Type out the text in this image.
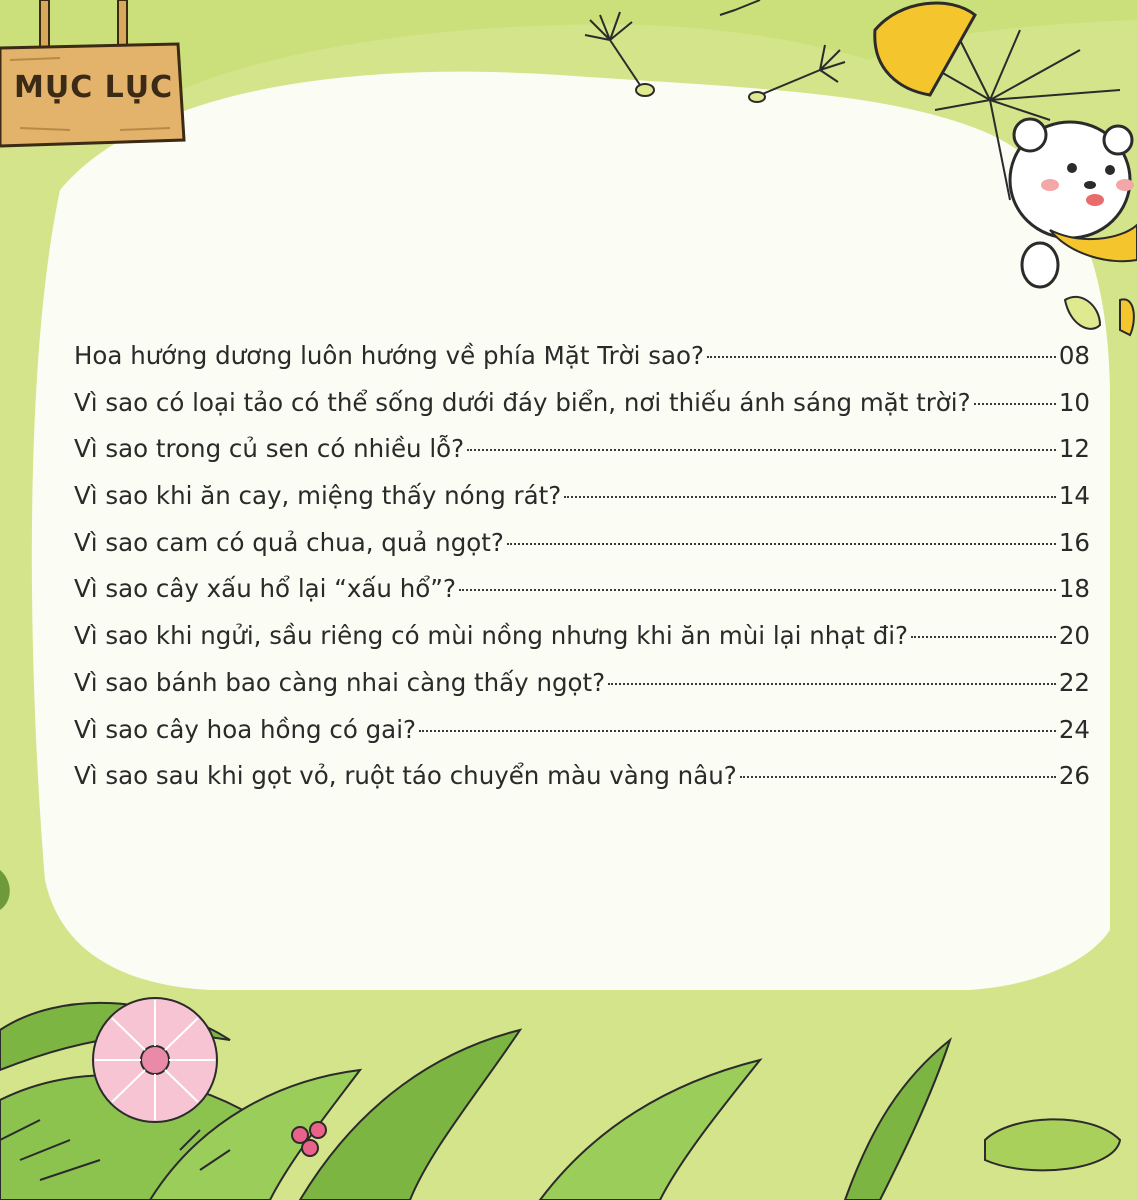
MỤC LỤC
Hoa hướng dương luôn hướng về phía Mặt Trời sao?	08
Vì sao có loại tảo có thể sống dưới đáy biển, nơi thiếu ánh sáng mặt trời?	10
Vì sao trong củ sen có nhiều lỗ?	12
Vì sao khi ăn cay, miệng thấy nóng rát?	14
Vì sao cam có quả chua, quả ngọt?	16
Vì sao cây xấu hổ lại “xấu hổ”?	18
Vì sao khi ngửi, sầu riêng có mùi nồng nhưng khi ăn mùi lại nhạt đi?	20
Vì sao bánh bao càng nhai càng thấy ngọt?	22
Vì sao cây hoa hồng có gai?	24
Vì sao sau khi gọt vỏ, ruột táo chuyển màu vàng nâu?	26
